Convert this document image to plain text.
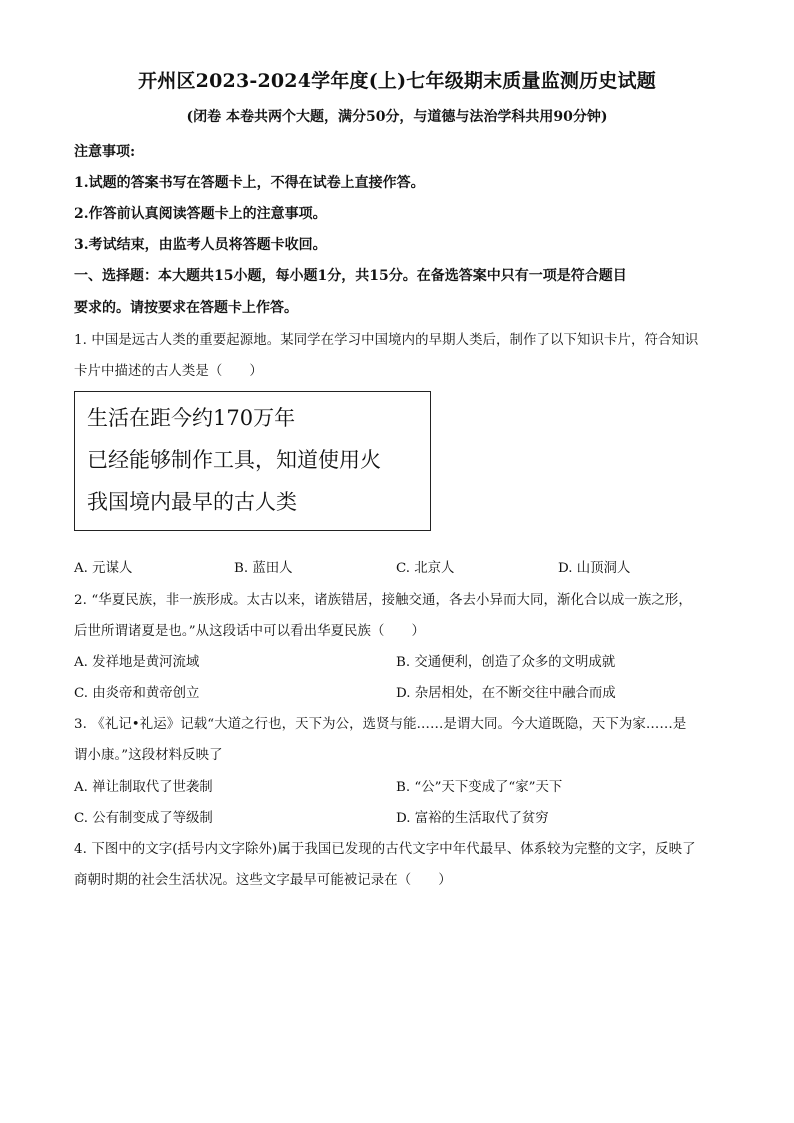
开州区2023-2024学年度(上)七年级期末质量监测历史试题
(闭卷 本卷共两个大题，满分50分，与道德与法治学科共用90分钟)
注意事项:
1.试题的答案书写在答题卡上，不得在试卷上直接作答。
2.作答前认真阅读答题卡上的注意事项。
3.考试结束，由监考人员将答题卡收回。
一、选择题：本大题共15小题，每小题1分，共15分。在备选答案中只有一项是符合题目
要求的。请按要求在答题卡上作答。
1. 中国是远古人类的重要起源地。某同学在学习中国境内的早期人类后，制作了以下知识卡片，符合知识
卡片中描述的古人类是（　　）
生活在距今约170万年
已经能够制作工具，知道使用火
我国境内最早的古人类
A. 元谋人	B. 蓝田人	C. 北京人	D. 山顶洞人
2. “华夏民族，非一族形成。太古以来，诸族错居，接触交通，各去小异而大同，渐化合以成一族之形，
后世所谓诸夏是也。”从这段话中可以看出华夏民族（　　）
A. 发祥地是黄河流域	B. 交通便利，创造了众多的文明成就
C. 由炎帝和黄帝创立	D. 杂居相处，在不断交往中融合而成
3. 《礼记•礼运》记载“大道之行也，天下为公，选贤与能……是谓大同。今大道既隐，天下为家……是
谓小康。”这段材料反映了
A. 禅让制取代了世袭制	B. “公”天下变成了“家”天下
C. 公有制变成了等级制	D. 富裕的生活取代了贫穷
4. 下图中的文字(括号内文字除外)属于我国已发现的古代文字中年代最早、体系较为完整的文字，反映了
商朝时期的社会生活状况。这些文字最早可能被记录在（　　）
